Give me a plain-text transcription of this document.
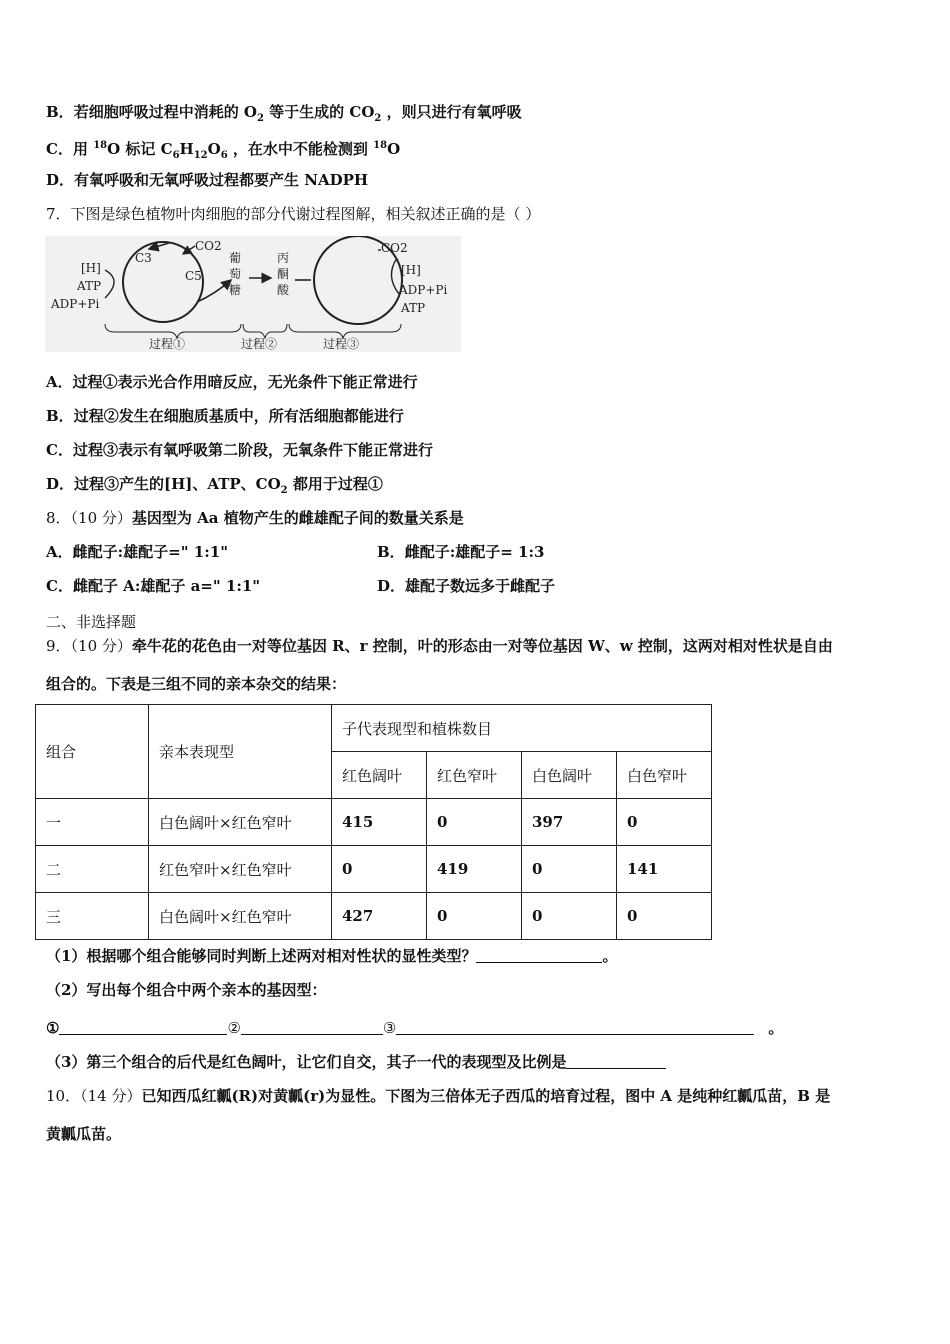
B．若细胞呼吸过程中消耗的 $O_2$ 等于生成的 $CO_2$ ，则只进行有氧呼吸
C．用 $^{18}$O 标记 $C_6H_{12}O_6$ ，在水中不能检测到 $^{18}$O
D．有氧呼吸和无氧呼吸过程都要产生 NADPH
7．下图是绿色植物叶肉细胞的部分代谢过程图解，相关叙述正确的是（ ）
CO2
C3
C5
[H]
ATP
ADP+Pi
葡
萄
糖
丙
酮
酸
CO2
[H]
ADP+Pi
ATP
过程①	过程②	过程③
A．过程①表示光合作用暗反应，无光条件下能正常进行
B．过程②发生在细胞质基质中，所有活细胞都能进行
C．过程③表示有氧呼吸第二阶段，无氧条件下能正常进行
D．过程③产生的[H]、ATP、$CO_2$ 都用于过程①
8．（10 分）基因型为 Aa 植物产生的雌雄配子间的数量关系是
A．雌配子:雄配子=" 1:1"	B．雌配子:雄配子= 1:3
C．雌配子 A:雄配子 a=" 1:1"	D．雄配子数远多于雌配子
二、非选择题
9．（10 分）牵牛花的花色由一对等位基因 R、r 控制，叶的形态由一对等位基因 W、w 控制，这两对相对性状是自由
组合的。下表是三组不同的亲本杂交的结果：
组合	亲本表现型	子代表现型和植株数目			
		红色阔叶	红色窄叶	白色阔叶	白色窄叶
一	白色阔叶×红色窄叶	415	0	397	0
二	红色窄叶×红色窄叶	0	419	0	141
三	白色阔叶×红色窄叶	427	0	0	0
（1）根据哪个组合能够同时判断上述两对相对性状的显性类型？	。
（2）写出每个组合中两个亲本的基因型：
①	②	③	。
（3）第三个组合的后代是红色阔叶，让它们自交，其子一代的表现型及比例是
10．（14 分）已知西瓜红瓤(R)对黄瓤(r)为显性。下图为三倍体无子西瓜的培育过程，图中 A 是纯种红瓤瓜苗，B 是
黄瓤瓜苗。
